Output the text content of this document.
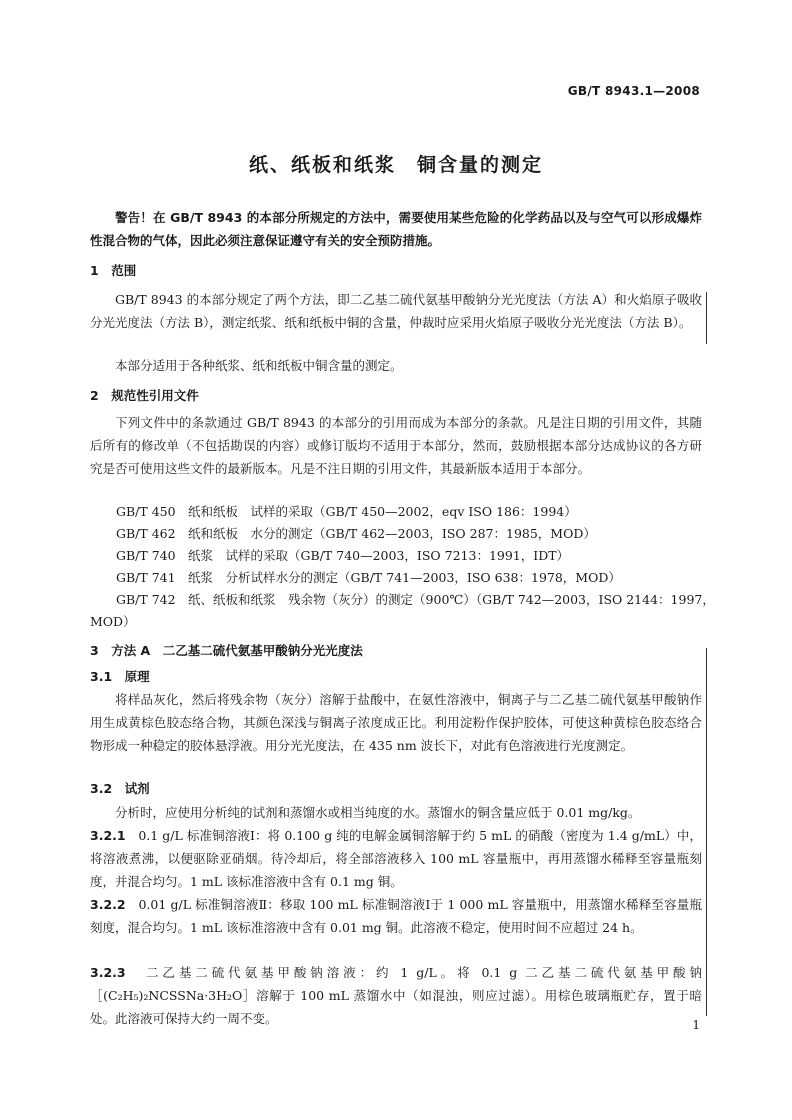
GB/T 8943.1—2008
纸、纸板和纸浆　铜含量的测定
警告！在 GB/T 8943 的本部分所规定的方法中，需要使用某些危险的化学药品以及与空气可以形成爆炸性混合物的气体，因此必须注意保证遵守有关的安全预防措施。
1　范围
GB/T 8943 的本部分规定了两个方法，即二乙基二硫代氨基甲酸钠分光光度法（方法 A）和火焰原子吸收分光光度法（方法 B），测定纸浆、纸和纸板中铜的含量，仲裁时应采用火焰原子吸收分光光度法（方法 B）。
本部分适用于各种纸浆、纸和纸板中铜含量的测定。
2　规范性引用文件
下列文件中的条款通过 GB/T 8943 的本部分的引用而成为本部分的条款。凡是注日期的引用文件，其随后所有的修改单（不包括勘误的内容）或修订版均不适用于本部分，然而，鼓励根据本部分达成协议的各方研究是否可使用这些文件的最新版本。凡是不注日期的引用文件，其最新版本适用于本部分。
GB/T 450　纸和纸板　试样的采取（GB/T 450—2002，eqv ISO 186：1994）
GB/T 462　纸和纸板　水分的测定（GB/T 462—2003，ISO 287：1985，MOD）
GB/T 740　纸浆　试样的采取（GB/T 740—2003，ISO 7213：1991，IDT）
GB/T 741　纸浆　分析试样水分的测定（GB/T 741—2003，ISO 638：1978，MOD）
GB/T 742　纸、纸板和纸浆　残余物（灰分）的测定（900℃）（GB/T 742—2003，ISO 2144：1997，
MOD）
3　方法 A　二乙基二硫代氨基甲酸钠分光光度法
3.1　原理
将样品灰化，然后将残余物（灰分）溶解于盐酸中，在氨性溶液中，铜离子与二乙基二硫代氨基甲酸钠作用生成黄棕色胶态络合物，其颜色深浅与铜离子浓度成正比。利用淀粉作保护胶体，可使这种黄棕色胶态络合物形成一种稳定的胶体悬浮液。用分光光度法，在 435 nm 波长下，对此有色溶液进行光度测定。
3.2　试剂
分析时，应使用分析纯的试剂和蒸馏水或相当纯度的水。蒸馏水的铜含量应低于 0.01 mg/kg。
3.2.1　 0.1 g/L 标准铜溶液Ⅰ：将 0.100 g 纯的电解金属铜溶解于约 5 mL 的硝酸（密度为 1.4 g/mL）中，将溶液煮沸，以便驱除亚硝烟。待冷却后，将全部溶液移入 100 mL 容量瓶中，再用蒸馏水稀释至容量瓶刻度，并混合均匀。1 mL 该标准溶液中含有 0.1 mg 铜。
3.2.2　 0.01 g/L 标准铜溶液Ⅱ：移取 100 mL 标准铜溶液Ⅰ于 1 000 mL 容量瓶中，用蒸馏水稀释至容量瓶刻度，混合均匀。1 mL 该标准溶液中含有 0.01 mg 铜。此溶液不稳定，使用时间不应超过 24 h。
3.2.3　 二乙基二硫代氨基甲酸钠溶液：约 1 g/L。将 0.1 g 二乙基二硫代氨基甲酸钠［(C₂H₅)₂NCSSNa·3H₂O］溶解于 100 mL 蒸馏水中（如混浊，则应过滤）。用棕色玻璃瓶贮存，置于暗处。此溶液可保持大约一周不变。	1
